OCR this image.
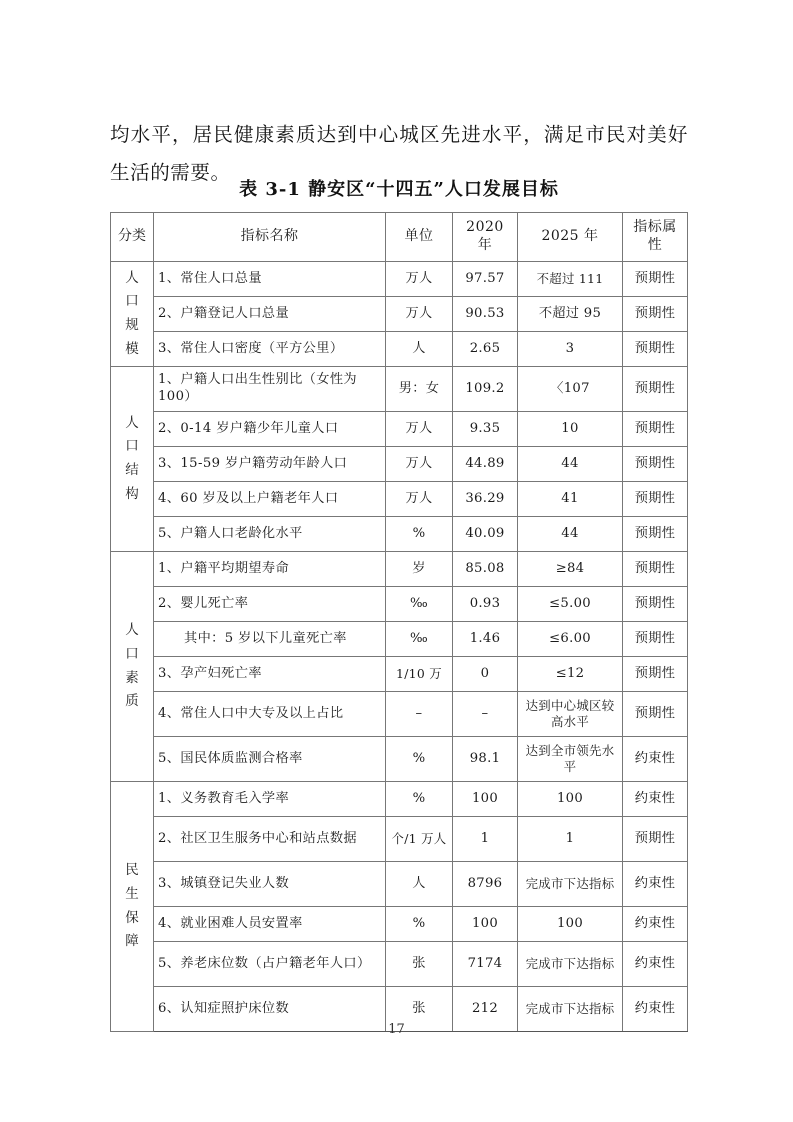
均水平，居民健康素质达到中心城区先进水平，满足市民对美好生活的需要。

表 3-1 静安区“十四五”人口发展目标
分类	指标名称	单位	2020 年	2025 年	指标属性
人口规模	1、常住人口总量	万人	97.57	不超过 111	预期性
	2、户籍登记人口总量	万人	90.53	不超过 95	预期性
	3、常住人口密度（平方公里）	人	2.65	3	预期性
人口结构	1、户籍人口出生性别比（女性为 100）	男：女	109.2	〈107	预期性
	2、0-14 岁户籍少年儿童人口	万人	9.35	10	预期性
	3、15-59 岁户籍劳动年龄人口	万人	44.89	44	预期性
	4、60 岁及以上户籍老年人口	万人	36.29	41	预期性
	5、户籍人口老龄化水平	%	40.09	44	预期性
人口素质	1、户籍平均期望寿命	岁	85.08	≥84	预期性
	2、婴儿死亡率	‰	0.93	≤5.00	预期性
	其中：5 岁以下儿童死亡率	‰	1.46	≤6.00	预期性
	3、孕产妇死亡率	1/10 万	0	≤12	预期性
	4、常住人口中大专及以上占比	–	–	达到中心城区较高水平	预期性
	5、国民体质监测合格率	%	98.1	达到全市领先水平	约束性
民生保障	1、义务教育毛入学率	%	100	100	约束性
	2、社区卫生服务中心和站点数据	个/1 万人	1	1	预期性
	3、城镇登记失业人数	人	8796	完成市下达指标	约束性
	4、就业困难人员安置率	%	100	100	约束性
	5、养老床位数（占户籍老年人口）	张	7174	完成市下达指标	约束性
	6、认知症照护床位数	张	212	完成市下达指标	约束性
17
